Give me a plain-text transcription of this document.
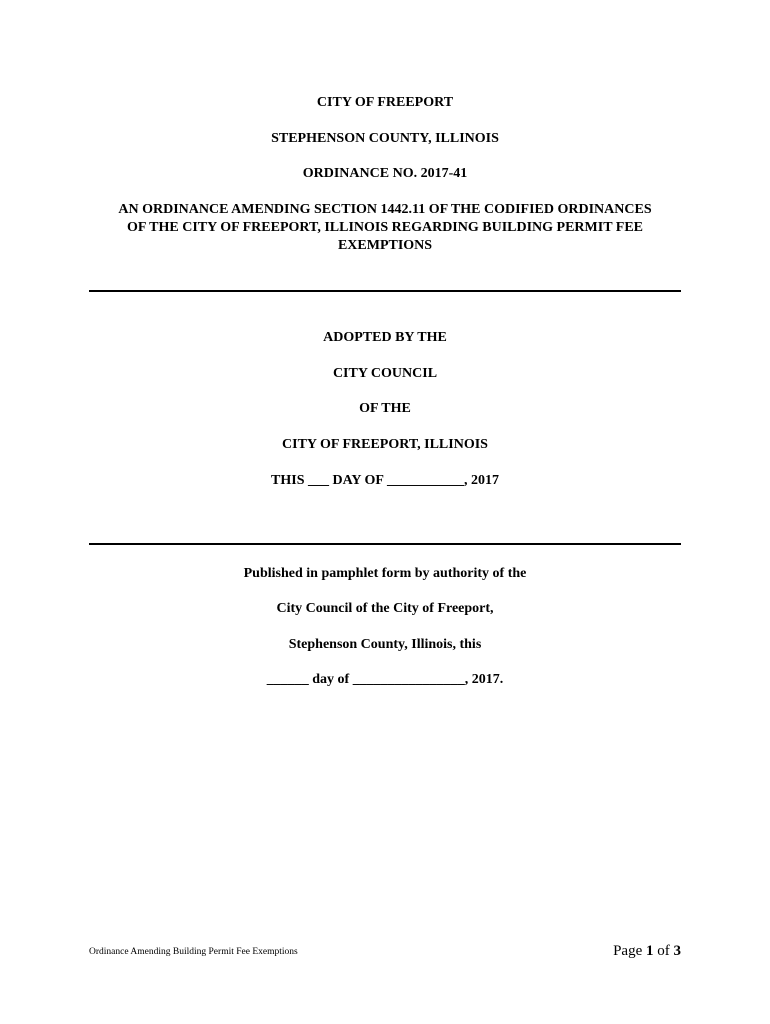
CITY OF FREEPORT
STEPHENSON COUNTY, ILLINOIS
ORDINANCE NO. 2017-41
AN ORDINANCE AMENDING SECTION 1442.11 OF THE CODIFIED ORDINANCES
OF THE CITY OF FREEPORT, ILLINOIS REGARDING BUILDING PERMIT FEE
EXEMPTIONS
ADOPTED BY THE
CITY COUNCIL
OF THE
CITY OF FREEPORT, ILLINOIS
THIS ___ DAY OF ___________, 2017
Published in pamphlet form by authority of the
City Council of the City of Freeport,
Stephenson County, Illinois, this
______ day of ________________, 2017.
Ordinance Amending Building Permit Fee Exemptions	Page 1 of 3
